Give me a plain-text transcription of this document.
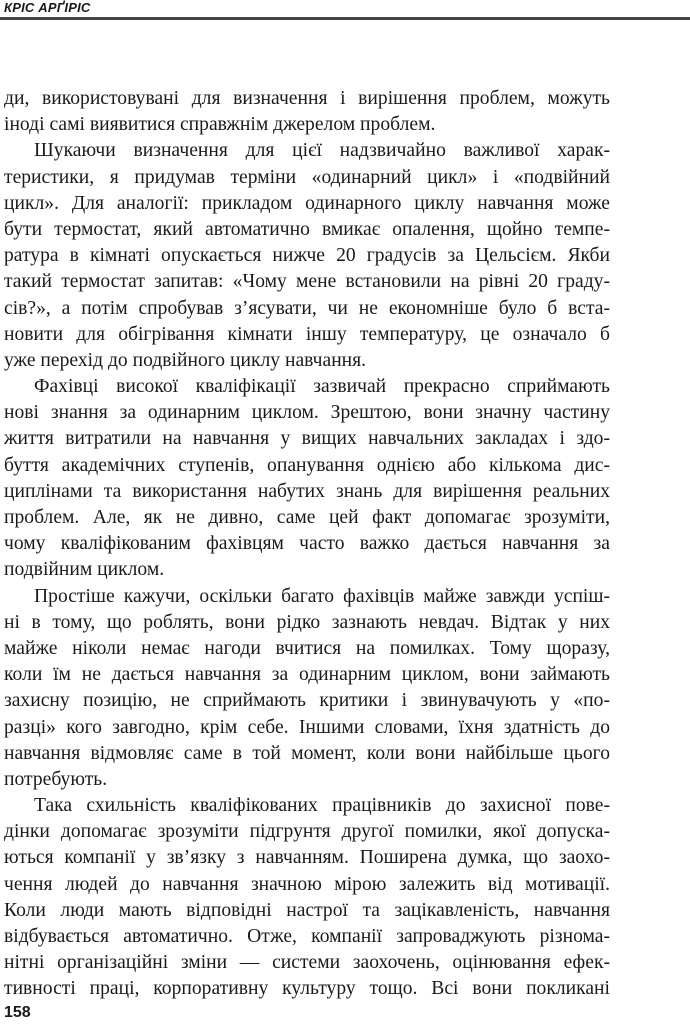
КРІС АРҐІРІС
ди, використовувані для визначення і вирішення проблем, можуть
іноді самі виявитися справжнім джерелом проблем.
Шукаючи визначення для цієї надзвичайно важливої харак-
теристики, я придумав терміни «одинарний цикл» і «подвійний
цикл». Для аналогії: прикладом одинарного циклу навчання може
бути термостат, який автоматично вмикає опалення, щойно темпе-
ратура в кімнаті опускається нижче 20 градусів за Цельсієм. Якби
такий термостат запитав: «Чому мене встановили на рівні 20 граду-
сів?», а потім спробував з’ясувати, чи не економніше було б вста-
новити для обігрівання кімнати іншу температуру, це означало б
уже перехід до подвійного циклу навчання.
Фахівці високої кваліфікації зазвичай прекрасно сприймають
нові знання за одинарним циклом. Зрештою, вони значну частину
життя витратили на навчання у вищих навчальних закладах і здо-
буття академічних ступенів, опанування однією або кількома дис-
циплінами та використання набутих знань для вирішення реальних
проблем. Але, як не дивно, саме цей факт допомагає зрозуміти,
чому кваліфікованим фахівцям часто важко дається навчання за
подвійним циклом.
Простіше кажучи, оскільки багато фахівців майже завжди успіш-
ні в тому, що роблять, вони рідко зазнають невдач. Відтак у них
майже ніколи немає нагоди вчитися на помилках. Тому щоразу,
коли їм не дається навчання за одинарним циклом, вони займають
захисну позицію, не сприймають критики і звинувачують у «по-
разці» кого завгодно, крім себе. Іншими словами, їхня здатність до
навчання відмовляє саме в той момент, коли вони найбільше цього
потребують.
Така схильність кваліфікованих працівників до захисної пове-
дінки допомагає зрозуміти підгрунтя другої помилки, якої допуска-
ються компанії у зв’язку з навчанням. Поширена думка, що заохо-
чення людей до навчання значною мірою залежить від мотивації.
Коли люди мають відповідні настрої та зацікавленість, навчання
відбувається автоматично. Отже, компанії запроваджують різнома-
нітні організаційні зміни — системи заохочень, оцінювання ефек-
тивності праці, корпоративну культуру тощо. Всі вони покликані
158
